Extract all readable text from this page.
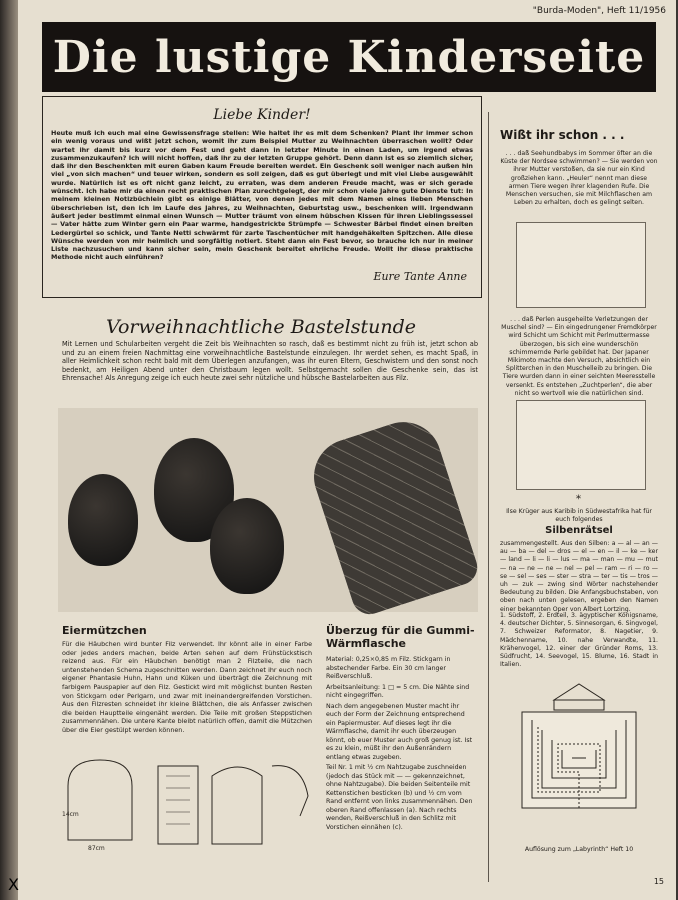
"Burda-Moden", Heft 11/1956
Die lustige Kinderseite
Liebe Kinder!
Heute muß ich euch mal eine Gewissensfrage stellen: Wie haltet ihr es mit dem Schenken? Plant ihr immer schon ein wenig voraus und wißt jetzt schon, womit ihr zum Beispiel Mutter zu Weihnachten überraschen wollt? Oder wartet ihr damit bis kurz vor dem Fest und geht dann in letzter Minute in einen Laden, um irgend etwas zusammenzukaufen? Ich will nicht hoffen, daß ihr zu der letzten Gruppe gehört. Denn dann ist es so ziemlich sicher, daß ihr den Beschenkten mit euren Gaben kaum Freude bereiten werdet. Ein Geschenk soll weniger nach außen hin viel „von sich machen“ und teuer wirken, sondern es soll zeigen, daß es gut überlegt und mit viel Liebe ausgewählt wurde. Natürlich ist es oft nicht ganz leicht, zu erraten, was dem anderen Freude macht, was er sich gerade wünscht. Ich habe mir da einen recht praktischen Plan zurechtgelegt, der mir schon viele Jahre gute Dienste tut: In meinem kleinen Notizbüchlein gibt es einige Blätter, von denen jedes mit dem Namen eines lieben Menschen überschrieben ist, den ich im Laufe des Jahres, zu Weihnachten, Geburtstag usw., beschenken will. Irgendwann äußert jeder bestimmt einmal einen Wunsch — Mutter träumt von einem hübschen Kissen für ihren Lieblingssessel — Vater hätte zum Winter gern ein Paar warme, handgestrickte Strümpfe — Schwester Bärbel findet einen breiten Ledergürtel so schick, und Tante Netti schwärmt für zarte Taschentücher mit handgehäkelten Spitzchen. Alle diese Wünsche werden von mir heimlich und sorgfältig notiert. Steht dann ein Fest bevor, so brauche ich nur in meiner Liste nachzusuchen und kann sicher sein, mein Geschenk bereitet ehrliche Freude. Wollt ihr diese praktische Methode nicht auch einführen?
Eure Tante Anne
Vorweihnachtliche Bastelstunde
Mit Lernen und Schularbeiten vergeht die Zeit bis Weihnachten so rasch, daß es bestimmt nicht zu früh ist, jetzt schon ab und zu an einem freien Nachmittag eine vorweihnachtliche Bastelstunde einzulegen. Ihr werdet sehen, es macht Spaß, in aller Heimlichkeit schon recht bald mit dem Überlegen anzufangen, was ihr euren Eltern, Geschwistern und den sonst noch bedenkt, am Heiligen Abend unter den Christbaum legen wollt. Selbstgemacht sollen die Geschenke sein, das ist Ehrensache! Als Anregung zeige ich euch heute zwei sehr nützliche und hübsche Bastelarbeiten aus Filz.
Eiermützchen
Für die Häubchen wird bunter Filz verwendet. Ihr könnt alle in einer Farbe oder jedes anders machen, beide Arten sehen auf dem Frühstückstisch reizend aus. Für ein Häubchen benötigt man 2 Filzteile, die nach untenstehenden Schema zugeschnitten werden. Dann zeichnet ihr euch noch eigener Phantasie Huhn, Hahn und Küken und überträgt die Zeichnung mit farbigem Pauspapier auf den Filz. Gestickt wird mit möglichst bunten Resten von Stickgarn oder Perlgarn, und zwar mit ineinandergreifenden Vorstichen. Aus den Filzresten schneidet ihr kleine Blättchen, die als Anfasser zwischen die beiden Hauptteile eingenäht werden. Die Teile mit großen Steppstichen zusammennähen. Die untere Kante bleibt natürlich offen, damit die Mützchen über die Eier gestülpt werden können.
87cm
14cm
Überzug für die Gummi-Wärmflasche

Material: 0,25×0,85 m Filz. Stickgarn in abstechender Farbe. Ein 30 cm langer Reißverschluß.

Arbeitsanleitung: 1 □ = 5 cm. Die Nähte sind nicht eingegriffen.

Nach dem angegebenen Muster macht ihr euch der Form der Zeichnung entsprechend ein Papiermuster. Auf dieses legt ihr die Wärmflasche, damit ihr euch überzeugen könnt, ob euer Muster auch groß genug ist. Ist es zu klein, müßt ihr den Außenrändern entlang etwas zugeben.

Teil Nr. 1 mit ½ cm Nahtzugabe zuschneiden (jedoch das Stück mit — — gekennzeichnet, ohne Nahtzugabe). Die beiden Seitenteile mit Kettenstichen besticken (b) und ½ cm vom Rand entfernt von links zusammennähen. Den oberen Rand offenlassen (a). Nach rechts wenden, Reißverschluß in den Schlitz mit Vorstichen einnähen (c).

Wißt ihr schon . . .
. . . daß Seehundbabys im Sommer öfter an die Küste der Nordsee schwimmen? — Sie werden von ihrer Mutter verstoßen, da sie nur ein Kind großziehen kann. „Heuler“ nennt man diese armen Tiere wegen ihrer klagenden Rufe. Die Menschen versuchen, sie mit Milchflaschen am Leben zu erhalten, doch es gelingt selten.
. . . daß Perlen ausgeheilte Verletzungen der Muschel sind? — Ein eingedrungener Fremdkörper wird Schicht um Schicht mit Perlmuttermasse überzogen, bis sich eine wunderschön schimmernde Perle gebildet hat. Der Japaner Mikimoto machte den Versuch, absichtlich ein Splitterchen in den Muschelleib zu bringen. Die Tiere wurden dann in einer seichten Meeresstelle versenkt. Es entstehen „Zuchtperlen“, die aber nicht so wertvoll wie die natürlichen sind.
*
Ilse Krüger aus Karibib in Südwestafrika hat für euch folgendes
Silbenrätsel
zusammengestellt. Aus den Silben: a — al — an — au — ba — del — dros — el — en — il — ke — ker — land — li — li — lus — ma — man — mu — mut — na — ne — ne — nel — pel — ram — ri — ro — se — sel — ses — ster — stra — ter — tis — tros — uh — zuk — zwing sind Wörter nachstehender Bedeutung zu bilden. Die Anfangsbuchstaben, von oben nach unten gelesen, ergeben den Namen einer bekannten Oper von Albert Lortzing.
1. Südstoff, 2. Erdteil, 3. ägyptischer Königsname, 4. deutscher Dichter, 5. Sinnesorgan, 6. Singvogel, 7. Schweizer Reformator, 8. Nagetier, 9. Mädchenname, 10. nahe Verwandte, 11. Krähenvogel, 12. einer der Gründer Roms, 13. Südfrucht, 14. Seevogel, 15. Blume, 16. Stadt in Italien.
Auflösung zum „Labyrinth“ Heft 10
15
X
